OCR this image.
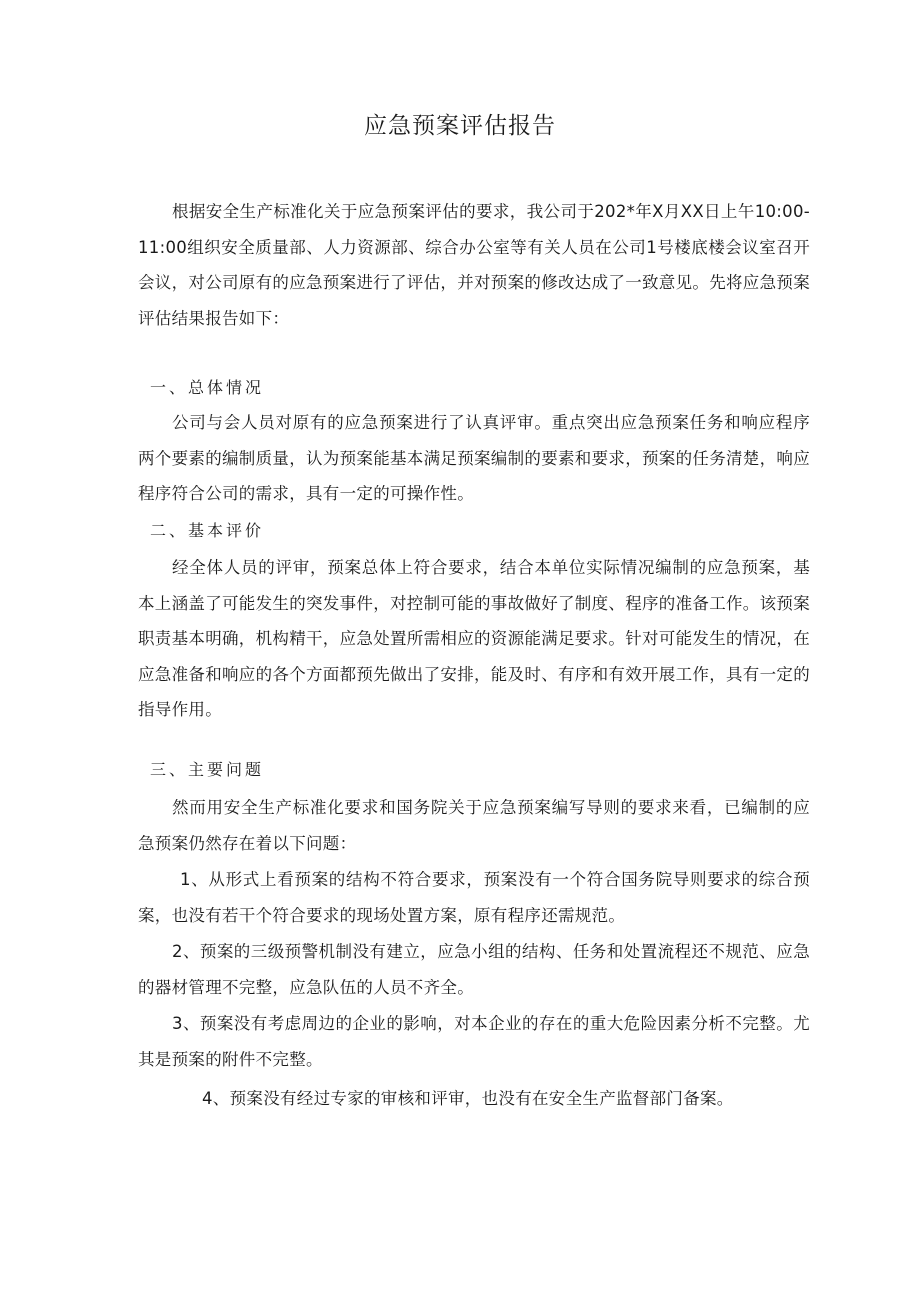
应急预案评估报告

根据安全生产标准化关于应急预案评估的要求，我公司于202*年X月XX日上午10:00-11:00组织安全质量部、人力资源部、综合办公室等有关人员在公司1号楼底楼会议室召开会议，对公司原有的应急预案进行了评估，并对预案的修改达成了一致意见。先将应急预案评估结果报告如下：

一、总体情况

公司与会人员对原有的应急预案进行了认真评审。重点突出应急预案任务和响应程序两个要素的编制质量，认为预案能基本满足预案编制的要素和要求，预案的任务清楚，响应程序符合公司的需求，具有一定的可操作性。

二、基本评价

经全体人员的评审，预案总体上符合要求，结合本单位实际情况编制的应急预案，基本上涵盖了可能发生的突发事件，对控制可能的事故做好了制度、程序的准备工作。该预案职责基本明确，机构精干，应急处置所需相应的资源能满足要求。针对可能发生的情况，在应急准备和响应的各个方面都预先做出了安排，能及时、有序和有效开展工作，具有一定的指导作用。

三、主要问题

然而用安全生产标准化要求和国务院关于应急预案编写导则的要求来看，已编制的应急预案仍然存在着以下问题：

1、从形式上看预案的结构不符合要求，预案没有一个符合国务院导则要求的综合预案，也没有若干个符合要求的现场处置方案，原有程序还需规范。

2、预案的三级预警机制没有建立，应急小组的结构、任务和处置流程还不规范、应急的器材管理不完整，应急队伍的人员不齐全。

3、预案没有考虑周边的企业的影响，对本企业的存在的重大危险因素分析不完整。尤其是预案的附件不完整。

4、预案没有经过专家的审核和评审，也没有在安全生产监督部门备案。
